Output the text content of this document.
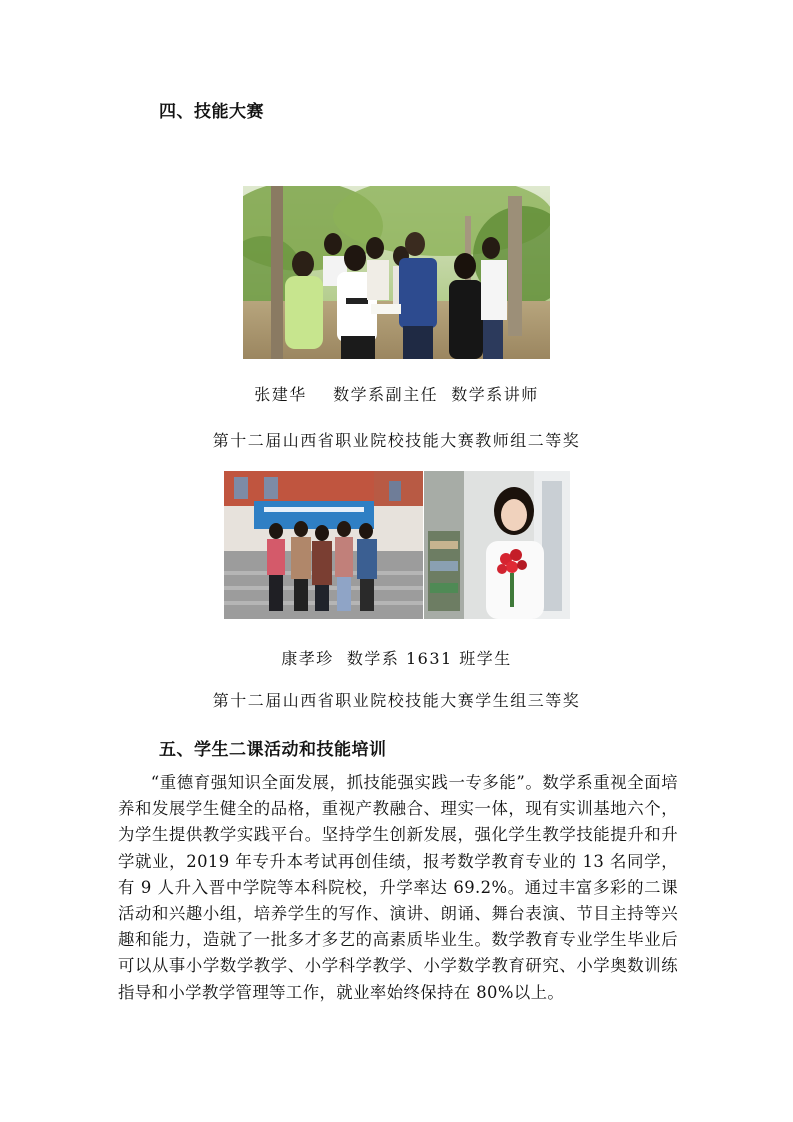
四、技能大赛

张建华    数学系副主任  数学系讲师

第十二届山西省职业院校技能大赛教师组二等奖

康孝珍  数学系 1631 班学生

第十二届山西省职业院校技能大赛学生组三等奖

五、学生二课活动和技能培训

“重德育强知识全面发展，抓技能强实践一专多能”。数学系重视全面培养和发展学生健全的品格，重视产教融合、理实一体，现有实训基地六个，为学生提供教学实践平台。坚持学生创新发展，强化学生教学技能提升和升学就业，2019 年专升本考试再创佳绩，报考数学教育专业的 13 名同学，有 9 人升入晋中学院等本科院校，升学率达 69.2%。通过丰富多彩的二课活动和兴趣小组，培养学生的写作、演讲、朗诵、舞台表演、节目主持等兴趣和能力，造就了一批多才多艺的高素质毕业生。数学教育专业学生毕业后可以从事小学数学教学、小学科学教学、小学数学教育研究、小学奥数训练指导和小学教学管理等工作，就业率始终保持在 80%以上。
